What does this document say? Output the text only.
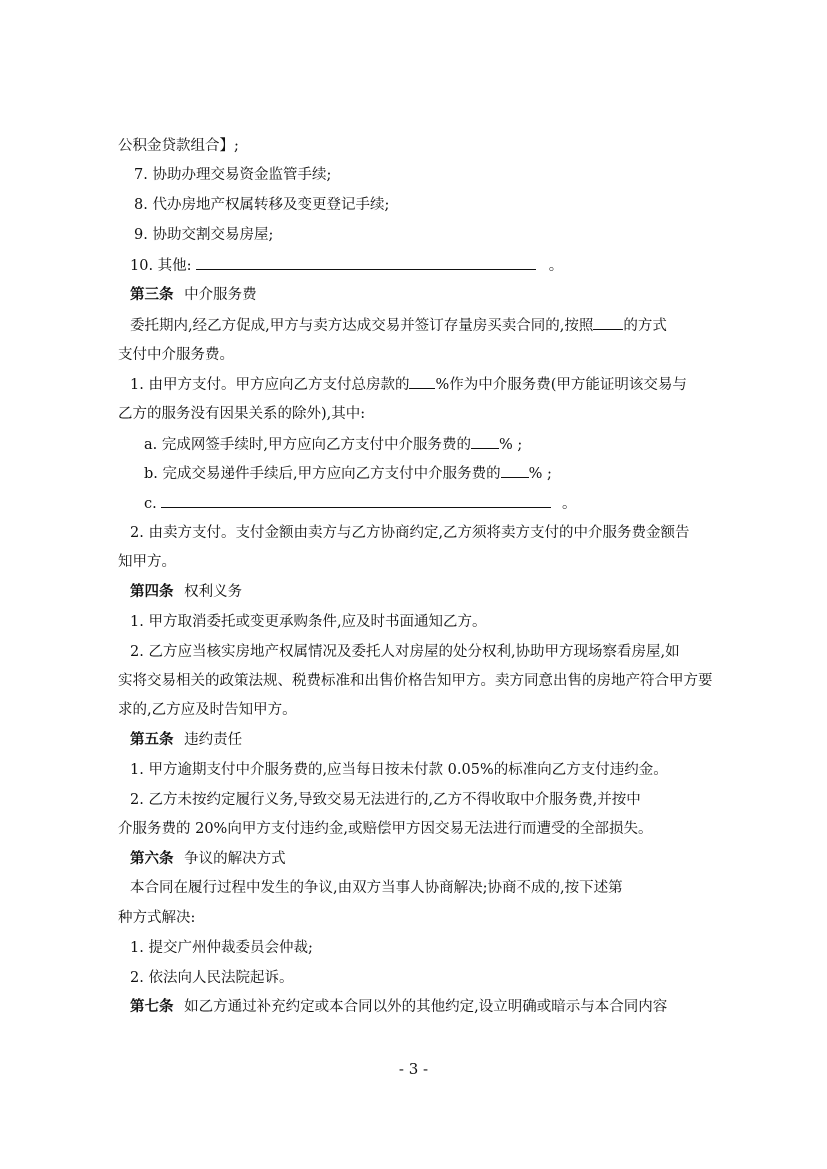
公积金贷款组合】;
7. 协助办理交易资金监管手续;
8. 代办房地产权属转移及变更登记手续;
9. 协助交割交易房屋;
10. 其他:	。
第三条 中介服务费
委托期内,经乙方促成,甲方与卖方达成交易并签订存量房买卖合同的,按照 的方式
支付中介服务费。
1. 由甲方支付。甲方应向乙方支付总房款的 %作为中介服务费(甲方能证明该交易与
乙方的服务没有因果关系的除外),其中:
a. 完成网签手续时,甲方应向乙方支付中介服务费的 % ;
b. 完成交易递件手续后,甲方应向乙方支付中介服务费的 % ;
c.	。
2. 由卖方支付。支付金额由卖方与乙方协商约定,乙方须将卖方支付的中介服务费金额告
知甲方。
第四条 权利义务
1. 甲方取消委托或变更承购条件,应及时书面通知乙方。
2. 乙方应当核实房地产权属情况及委托人对房屋的处分权利,协助甲方现场察看房屋,如
实将交易相关的政策法规、税费标准和出售价格告知甲方。卖方同意出售的房地产符合甲方要
求的,乙方应及时告知甲方。
第五条 违约责任
1. 甲方逾期支付中介服务费的,应当每日按未付款 0.05%的标准向乙方支付违约金。
2. 乙方未按约定履行义务,导致交易无法进行的,乙方不得收取中介服务费,并按中
介服务费的 20%向甲方支付违约金,或赔偿甲方因交易无法进行而遭受的全部损失。
第六条 争议的解决方式
本合同在履行过程中发生的争议,由双方当事人协商解决;协商不成的,按下述第
种方式解决:
1. 提交广州仲裁委员会仲裁;
2. 依法向人民法院起诉。
第七条 如乙方通过补充约定或本合同以外的其他约定,设立明确或暗示与本合同内容
- 3 -
